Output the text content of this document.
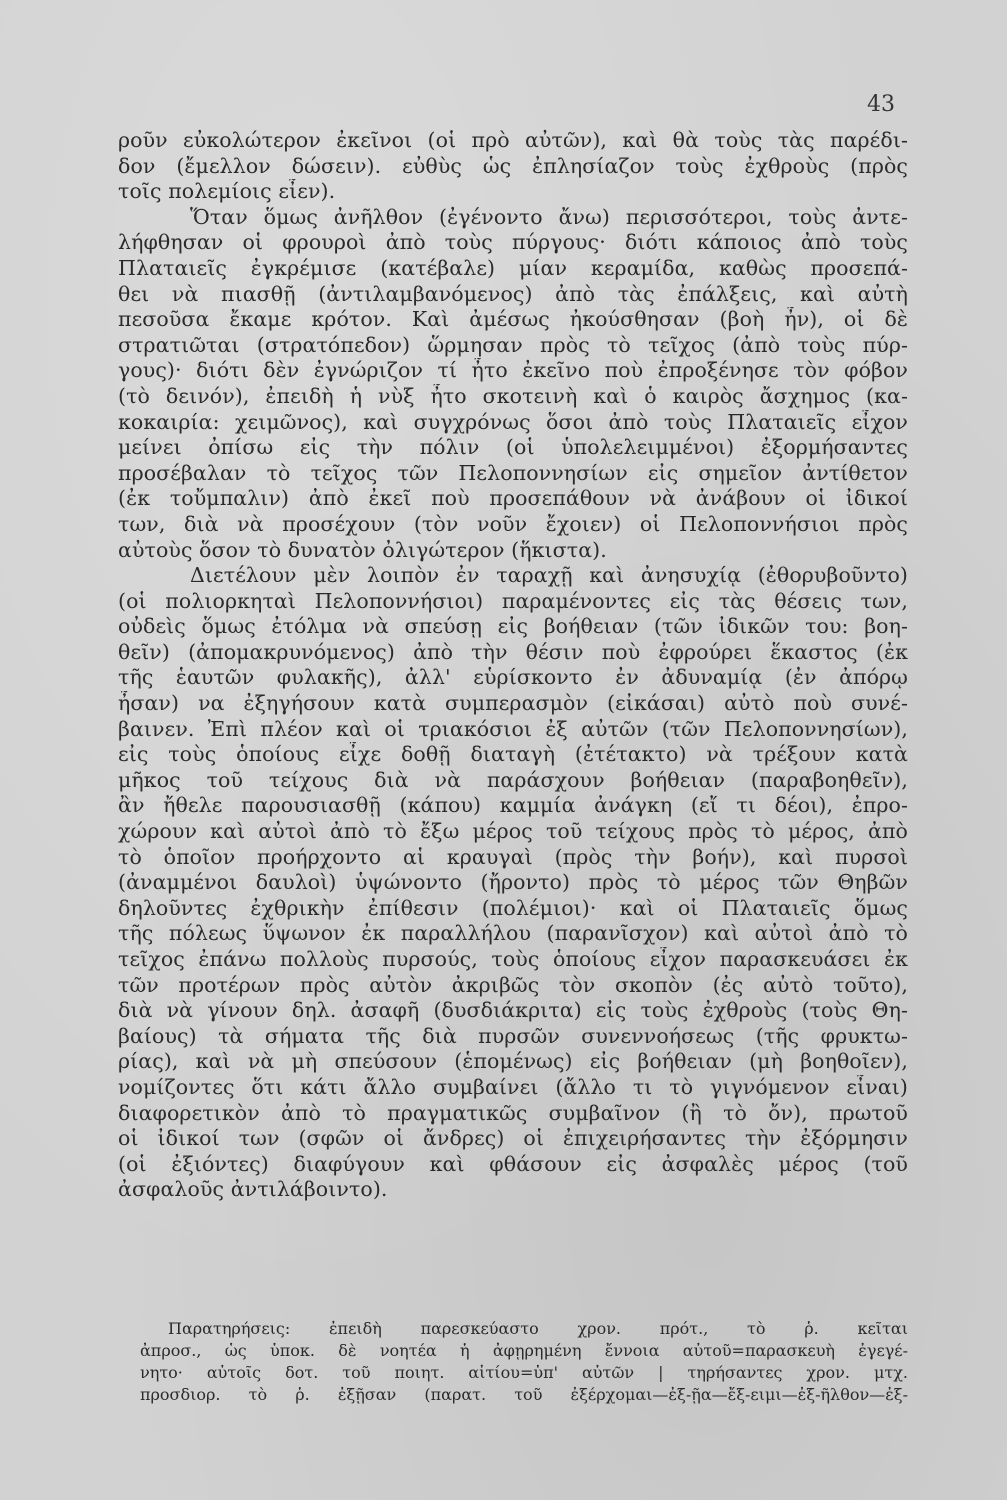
43
ροῦν εὐκολώτερον ἐκεῖνοι (οἱ πρὸ αὐτῶν), καὶ θὰ τοὺς τὰς παρέδι-
δον (ἔμελλον δώσειν). εὐθὺς ὡς ἐπλησίαζον τοὺς ἐχθροὺς (πρὸς
τοῖς πολεμίοις εἶεν).
Ὅταν ὅμως ἀνῆλθον (ἐγένοντο ἄνω) περισσότεροι, τοὺς ἀντε-
λήφθησαν οἱ φρουροὶ ἀπὸ τοὺς πύργους· διότι κάποιος ἀπὸ τοὺς
Πλαταιεῖς ἐγκρέμισε (κατέβαλε) μίαν κεραμίδα, καθὼς προσεπά-
θει νὰ πιασθῇ (ἀντιλαμβανόμενος) ἀπὸ τὰς ἐπάλξεις, καὶ αὐτὴ
πεσοῦσα ἔκαμε κρότον. Καὶ ἀμέσως ἠκούσθησαν (βοὴ ἦν), οἱ δὲ
στρατιῶται (στρατόπεδον) ὥρμησαν πρὸς τὸ τεῖχος (ἀπὸ τοὺς πύρ-
γους)· διότι δὲν ἐγνώριζον τί ἦτο ἐκεῖνο ποὺ ἐπροξένησε τὸν φόβον
(τὸ δεινόν), ἐπειδὴ ἡ νὺξ ἦτο σκοτεινὴ καὶ ὁ καιρὸς ἄσχημος (κα-
κοκαιρία: χειμῶνος), καὶ συγχρόνως ὅσοι ἀπὸ τοὺς Πλαταιεῖς εἶχον
μείνει ὀπίσω εἰς τὴν πόλιν (οἱ ὑπολελειμμένοι) ἐξορμήσαντες
προσέβαλαν τὸ τεῖχος τῶν Πελοποννησίων εἰς σημεῖον ἀντίθετον
(ἐκ τοὔμπαλιν) ἀπὸ ἐκεῖ ποὺ προσεπάθουν νὰ ἀνάβουν οἱ ἰδικοί
των, διὰ νὰ προσέχουν (τὸν νοῦν ἔχοιεν) οἱ Πελοποννήσιοι πρὸς
αὐτοὺς ὅσον τὸ δυνατὸν ὀλιγώτερον (ἥκιστα).
Διετέλουν μὲν λοιπὸν ἐν ταραχῇ καὶ ἀνησυχίᾳ (ἐθορυβοῦντο)
(οἱ πολιορκηταὶ Πελοποννήσιοι) παραμένοντες εἰς τὰς θέσεις των,
οὐδεὶς ὅμως ἐτόλμα νὰ σπεύσῃ εἰς βοήθειαν (τῶν ἰδικῶν του: βοη-
θεῖν) (ἀπομακρυνόμενος) ἀπὸ τὴν θέσιν ποὺ ἐφρούρει ἕκαστος (ἐκ
τῆς ἑαυτῶν φυλακῆς), ἀλλ' εὑρίσκοντο ἐν ἀδυναμίᾳ (ἐν ἀπόρῳ
ἦσαν) να ἐξηγήσουν κατὰ συμπερασμὸν (εἰκάσαι) αὐτὸ ποὺ συνέ-
βαινεν. Ἐπὶ πλέον καὶ οἱ τριακόσιοι ἐξ αὐτῶν (τῶν Πελοποννησίων),
εἰς τοὺς ὁποίους εἶχε δοθῇ διαταγὴ (ἐτέτακτο) νὰ τρέξουν κατὰ
μῆκος τοῦ τείχους διὰ νὰ παράσχουν βοήθειαν (παραβοηθεῖν),
ἂν ἤθελε παρουσιασθῇ (κάπου) καμμία ἀνάγκη (εἴ τι δέοι), ἐπρο-
χώρουν καὶ αὐτοὶ ἀπὸ τὸ ἔξω μέρος τοῦ τείχους πρὸς τὸ μέρος, ἀπὸ
τὸ ὁποῖον προήρχοντο αἱ κραυγαὶ (πρὸς τὴν βοήν), καὶ πυρσοὶ
(ἀναμμένοι δαυλοὶ) ὑψώνοντο (ἤροντο) πρὸς τὸ μέρος τῶν Θηβῶν
δηλοῦντες ἐχθρικὴν ἐπίθεσιν (πολέμιοι)· καὶ οἱ Πλαταιεῖς ὅμως
τῆς πόλεως ὕψωνον ἐκ παραλλήλου (παρανῖσχον) καὶ αὐτοὶ ἀπὸ τὸ
τεῖχος ἐπάνω πολλοὺς πυρσούς, τοὺς ὁποίους εἶχον παρασκευάσει ἐκ
τῶν προτέρων πρὸς αὐτὸν ἀκριβῶς τὸν σκοπὸν (ἐς αὐτὸ τοῦτο),
διὰ νὰ γίνουν δηλ. ἀσαφῆ (δυσδιάκριτα) εἰς τοὺς ἐχθροὺς (τοὺς Θη-
βαίους) τὰ σήματα τῆς διὰ πυρσῶν συνεννοήσεως (τῆς φρυκτω-
ρίας), καὶ νὰ μὴ σπεύσουν (ἑπομένως) εἰς βοήθειαν (μὴ βοηθοῖεν),
νομίζοντες ὅτι κάτι ἄλλο συμβαίνει (ἄλλο τι τὸ γιγνόμενον εἶναι)
διαφορετικὸν ἀπὸ τὸ πραγματικῶς συμβαῖνον (ἢ τὸ ὄν), πρωτοῦ
οἱ ἰδικοί των (σφῶν οἱ ἄνδρες) οἱ ἐπιχειρήσαντες τὴν ἐξόρμησιν
(οἱ ἐξιόντες) διαφύγουν καὶ φθάσουν εἰς ἀσφαλὲς μέρος (τοῦ
ἀσφαλοῦς ἀντιλάβοιντο).
Παρατηρήσεις: ἐπειδὴ παρεσκεύαστο χρον. πρότ., τὸ ῥ. κεῖται
ἀπροσ., ὡς ὑποκ. δὲ νοητέα ἡ ἀφῃρημένη ἔννοια αὐτοῦ=παρασκευὴ ἐγεγέ-
νητο· αὐτοῖς δοτ. τοῦ ποιητ. αἰτίου=ὑπ' αὐτῶν | τηρήσαντες χρον. μτχ.
προσδιορ. τὸ ῥ. ἐξῇσαν (παρατ. τοῦ ἐξέρχομαι—ἐξ-ῇα—ἔξ-ειμι—ἐξ-ῆλθον—ἐξ-
